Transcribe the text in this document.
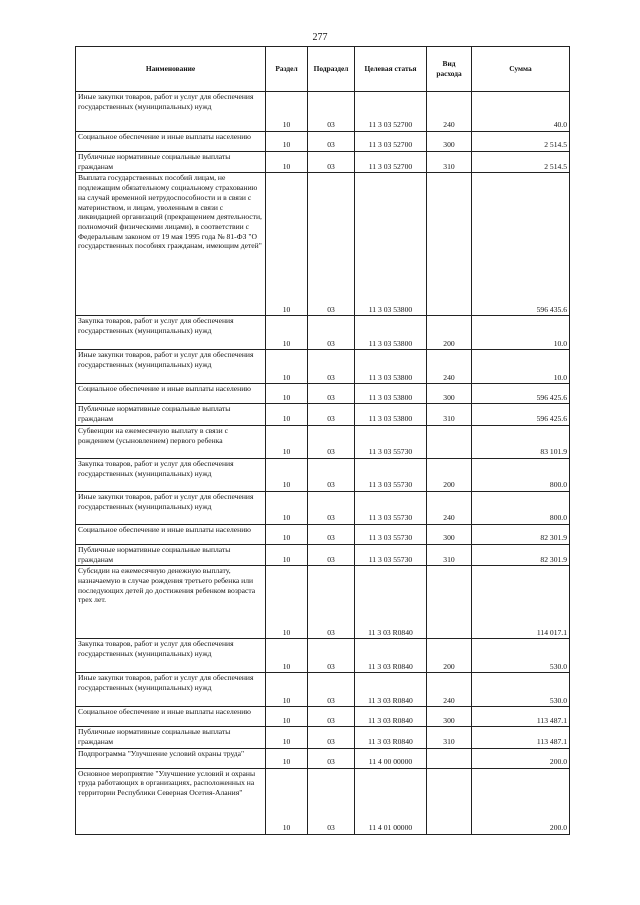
277
Наименование	Раздел	Подраздел	Целевая статья	Вид расхода	Сумма
Иные закупки товаров, работ и услуг для обеспечения государственных (муниципальных) нужд	10	03	11 3 03 52700	240	40.0
Социальное обеспечение и иные выплаты населению	10	03	11 3 03 52700	300	2 514.5
Публичные нормативные социальные выплаты гражданам	10	03	11 3 03 52700	310	2 514.5
Выплата государственных пособий лицам, не подлежащим обязательному социальному страхованию на случай временной нетрудоспособности и в связи с материнством, и лицам, уволенным в связи с ликвидацией организаций (прекращением деятельности, полномочий физическими лицами), в соответствии с Федеральным законом от 19 мая 1995 года № 81-ФЗ "О государственных пособиях гражданам, имеющим детей"	10	03	11 3 03 53800		596 435.6
Закупка товаров, работ и услуг для обеспечения государственных (муниципальных) нужд	10	03	11 3 03 53800	200	10.0
Иные закупки товаров, работ и услуг для обеспечения государственных (муниципальных) нужд	10	03	11 3 03 53800	240	10.0
Социальное обеспечение и иные выплаты населению	10	03	11 3 03 53800	300	596 425.6
Публичные нормативные социальные выплаты гражданам	10	03	11 3 03 53800	310	596 425.6
Субвенции на ежемесячную выплату в связи с рождением (усыновлением) первого ребенка	10	03	11 3 03 55730		83 101.9
Закупка товаров, работ и услуг для обеспечения государственных (муниципальных) нужд	10	03	11 3 03 55730	200	800.0
Иные закупки товаров, работ и услуг для обеспечения государственных (муниципальных) нужд	10	03	11 3 03 55730	240	800.0
Социальное обеспечение и иные выплаты населению	10	03	11 3 03 55730	300	82 301.9
Публичные нормативные социальные выплаты гражданам	10	03	11 3 03 55730	310	82 301.9
Субсидии на ежемесячную денежную выплату, назначаемую в случае рождения третьего ребенка или последующих детей до достижения ребенком возраста трех лет.	10	03	11 3 03 R0840		114 017.1
Закупка товаров, работ и услуг для обеспечения государственных (муниципальных) нужд	10	03	11 3 03 R0840	200	530.0
Иные закупки товаров, работ и услуг для обеспечения государственных (муниципальных) нужд	10	03	11 3 03 R0840	240	530.0
Социальное обеспечение и иные выплаты населению	10	03	11 3 03 R0840	300	113 487.1
Публичные нормативные социальные выплаты гражданам	10	03	11 3 03 R0840	310	113 487.1
Подпрограмма "Улучшение условий охраны труда"	10	03	11 4 00 00000		200.0
Основное мероприятие "Улучшение условий и охраны труда работающих в организациях, расположенных на территории Республики Северная Осетия-Алания"	10	03	11 4 01 00000		200.0
